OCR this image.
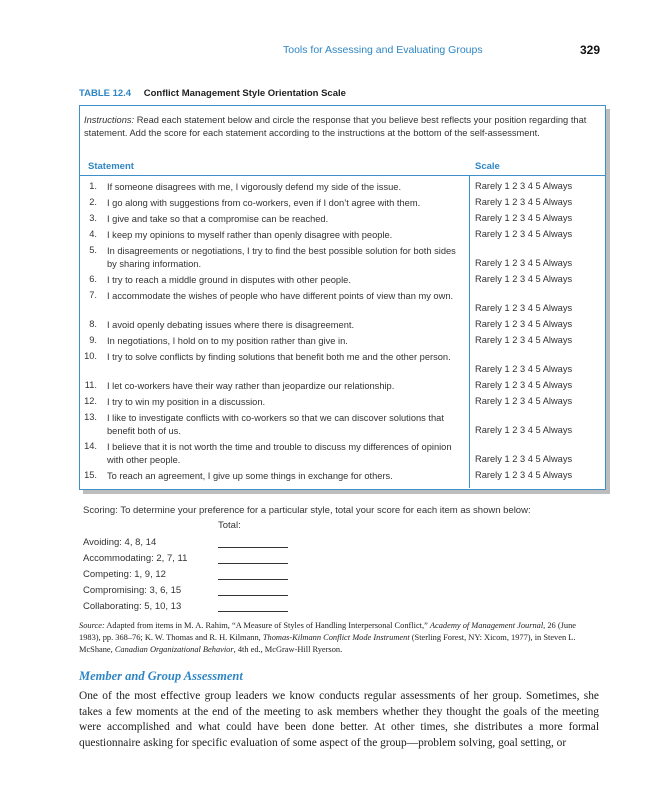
Tools for Assessing and Evaluating Groups	329
TABLE 12.4 Conflict Management Style Orientation Scale
Instructions: Read each statement below and circle the response that you believe best reflects your position regarding that statement. Add the score for each statement according to the instructions at the bottom of the self-assessment.
Statement	Scale
1. If someone disagrees with me, I vigorously defend my side of the issue.	Rarely 1 2 3 4 5 Always
2. I go along with suggestions from co-workers, even if I don’t agree with them.	Rarely 1 2 3 4 5 Always
3. I give and take so that a compromise can be reached.	Rarely 1 2 3 4 5 Always
4. I keep my opinions to myself rather than openly disagree with people.	Rarely 1 2 3 4 5 Always
5. In disagreements or negotiations, I try to find the best possible solution for both sides by sharing information.	Rarely 1 2 3 4 5 Always
6. I try to reach a middle ground in disputes with other people.	Rarely 1 2 3 4 5 Always
7. I accommodate the wishes of people who have different points of view than my own.
Rarely 1 2 3 4 5 Always
8. I avoid openly debating issues where there is disagreement.	Rarely 1 2 3 4 5 Always
9. In negotiations, I hold on to my position rather than give in.	Rarely 1 2 3 4 5 Always
10. I try to solve conflicts by finding solutions that benefit both me and the other person.
Rarely 1 2 3 4 5 Always
11. I let co-workers have their way rather than jeopardize our relationship.	Rarely 1 2 3 4 5 Always
12. I try to win my position in a discussion.	Rarely 1 2 3 4 5 Always
13. I like to investigate conflicts with co-workers so that we can discover solutions that benefit both of us.	Rarely 1 2 3 4 5 Always
14. I believe that it is not worth the time and trouble to discuss my differences of opinion with other people.	Rarely 1 2 3 4 5 Always
15. To reach an agreement, I give up some things in exchange for others.	Rarely 1 2 3 4 5 Always
Scoring: To determine your preference for a particular style, total your score for each item as shown below:
Total:
Avoiding: 4, 8, 14
Accommodating: 2, 7, 11
Competing: 1, 9, 12
Compromising: 3, 6, 15
Collaborating: 5, 10, 13
Source: Adapted from items in M. A. Rahim, “A Measure of Styles of Handling Interpersonal Conflict,” Academy of Management Journal, 26 (June 1983), pp. 368–76; K. W. Thomas and R. H. Kilmann, Thomas-Kilmann Conflict Mode Instrument (Sterling Forest, NY: Xicom, 1977), in Steven L. McShane, Canadian Organizational Behavior, 4th ed., McGraw-Hill Ryerson.
Member and Group Assessment
One of the most effective group leaders we know conducts regular assessments of her group. Sometimes, she takes a few moments at the end of the meeting to ask members whether they thought the goals of the meeting were accomplished and what could have been done better. At other times, she distributes a more formal questionnaire asking for specific evaluation of some aspect of the group—problem solving, goal setting, or
